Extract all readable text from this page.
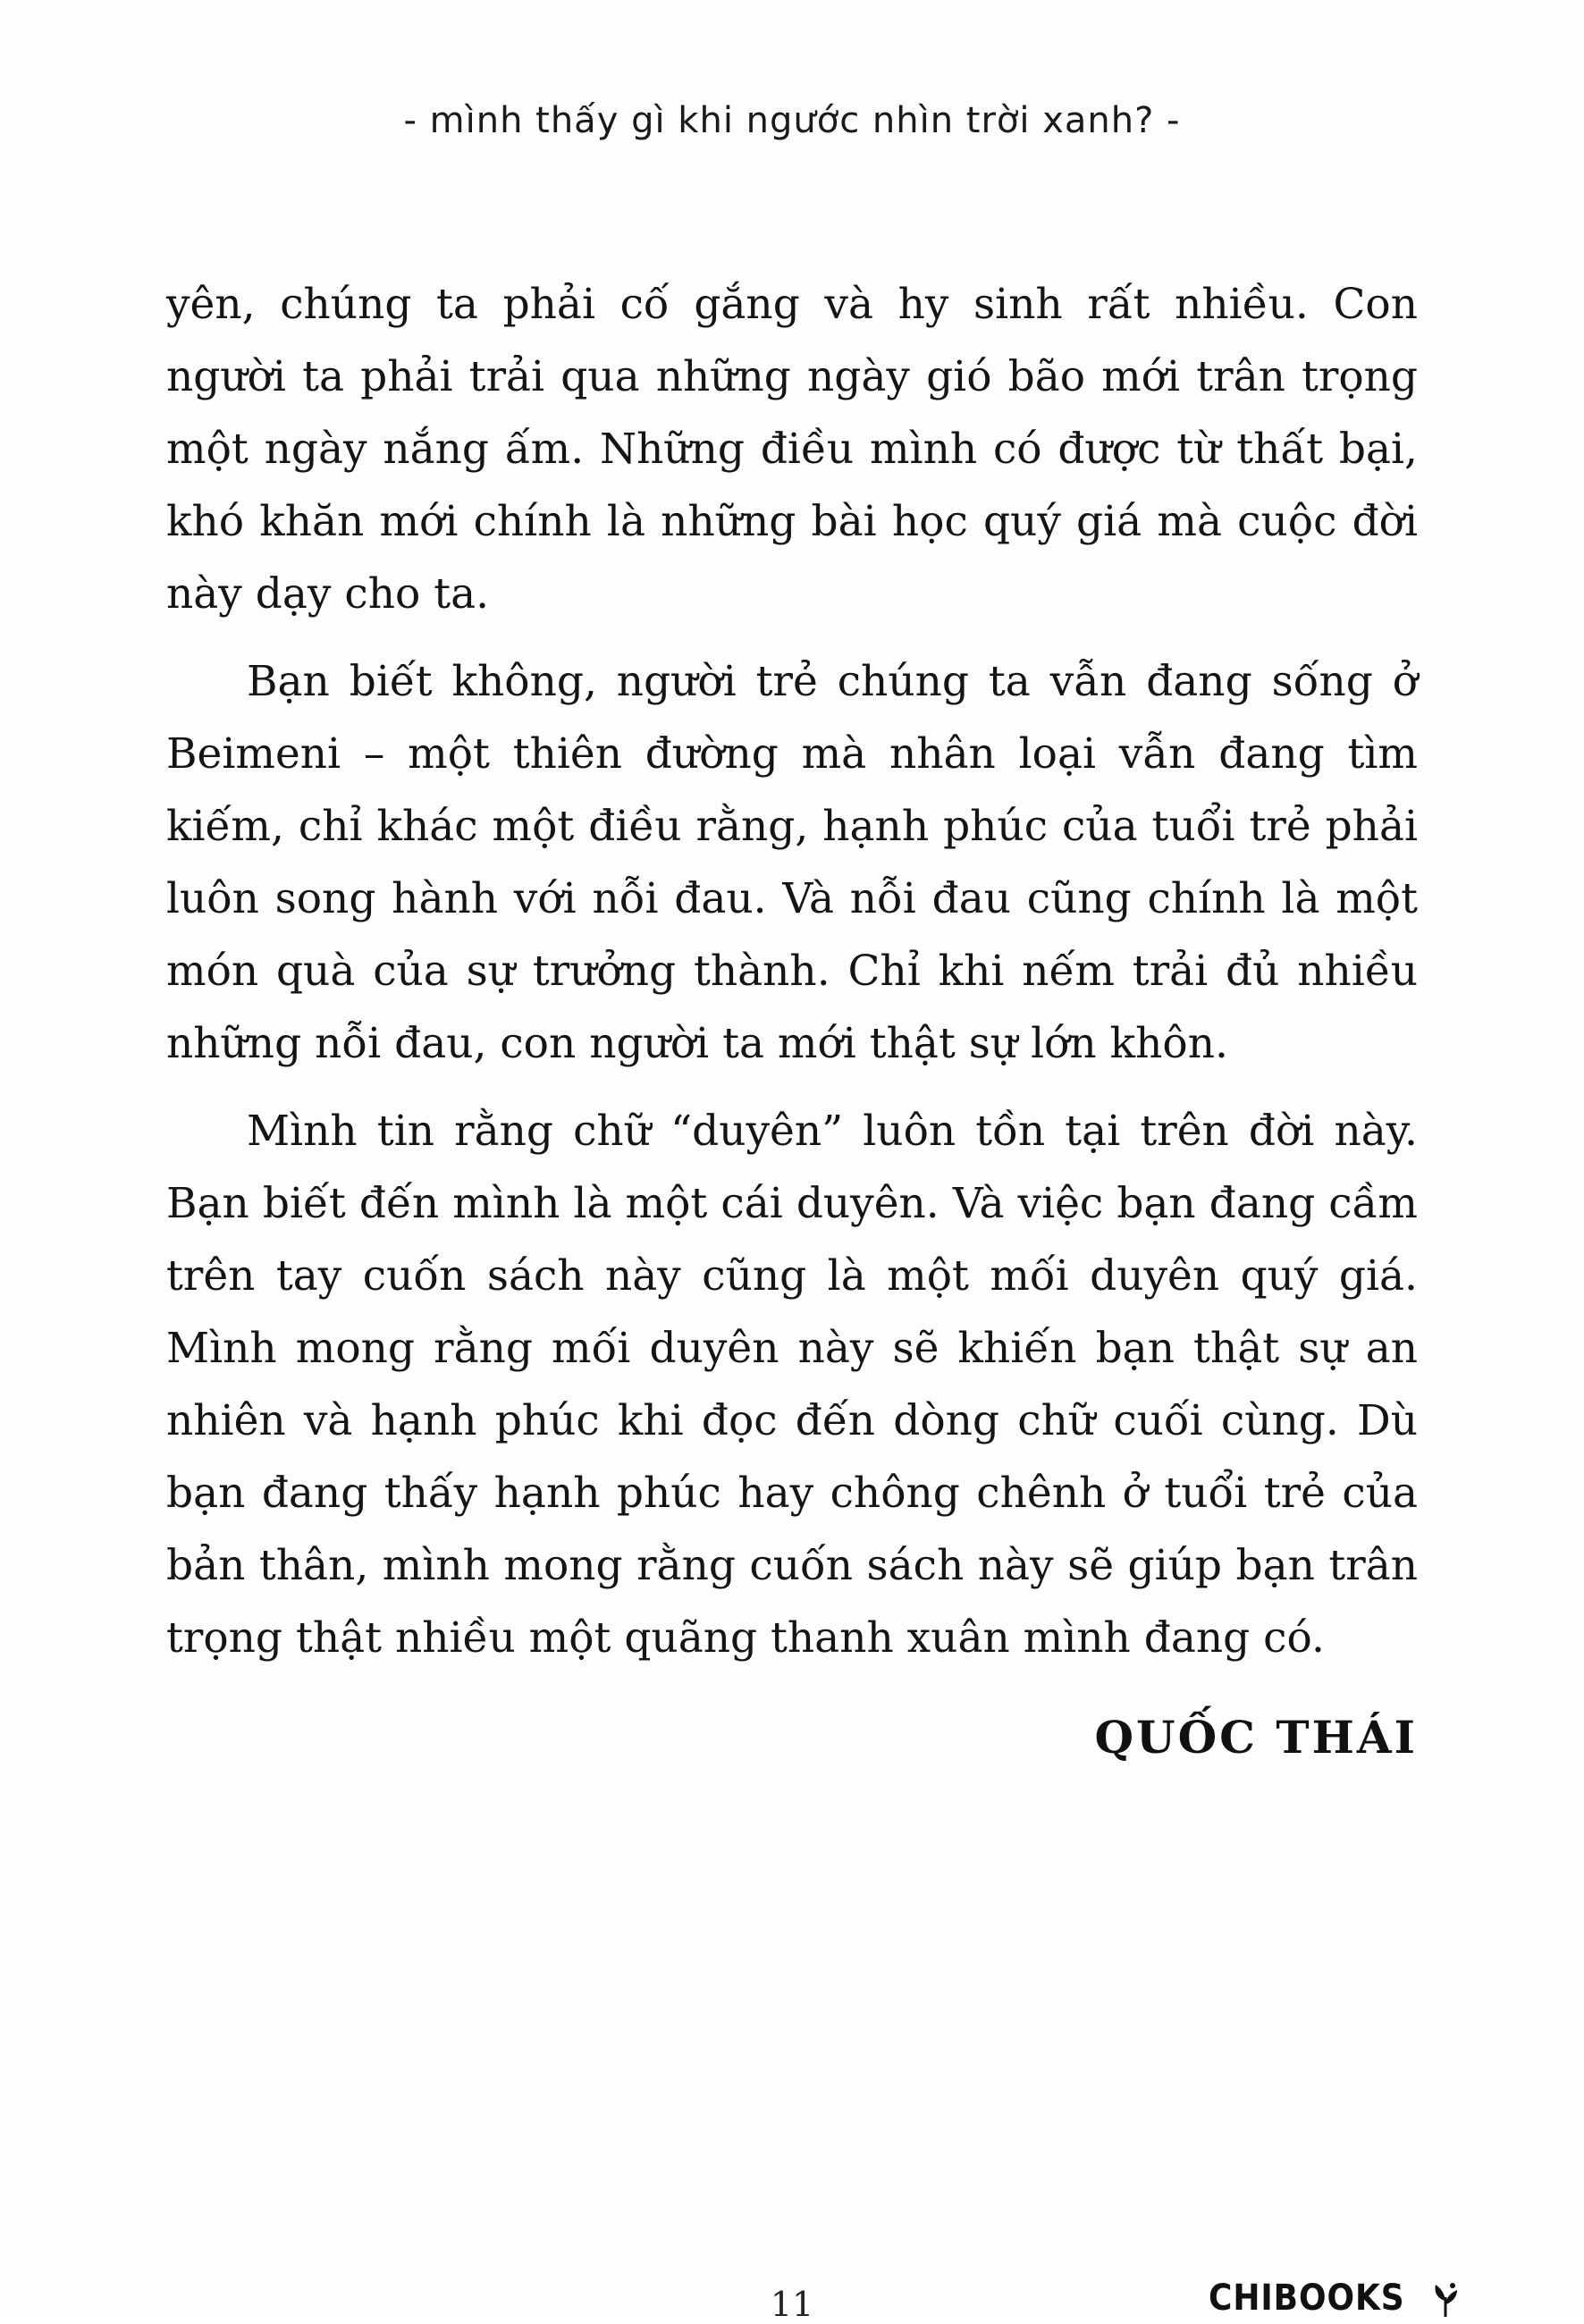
- mình thấy gì khi ngước nhìn trời xanh? -

yên, chúng ta phải cố gắng và hy sinh rất nhiều. Con người ta phải trải qua những ngày gió bão mới trân trọng một ngày nắng ấm. Những điều mình có được từ thất bại, khó khăn mới chính là những bài học quý giá mà cuộc đời này dạy cho ta.

Bạn biết không, người trẻ chúng ta vẫn đang sống ở Beimeni – một thiên đường mà nhân loại vẫn đang tìm kiếm, chỉ khác một điều rằng, hạnh phúc của tuổi trẻ phải luôn song hành với nỗi đau. Và nỗi đau cũng chính là một món quà của sự trưởng thành. Chỉ khi nếm trải đủ nhiều những nỗi đau, con người ta mới thật sự lớn khôn.

Mình tin rằng chữ “duyên” luôn tồn tại trên đời này. Bạn biết đến mình là một cái duyên. Và việc bạn đang cầm trên tay cuốn sách này cũng là một mối duyên quý giá. Mình mong rằng mối duyên này sẽ khiến bạn thật sự an nhiên và hạnh phúc khi đọc đến dòng chữ cuối cùng. Dù bạn đang thấy hạnh phúc hay chông chênh ở tuổi trẻ của bản thân, mình mong rằng cuốn sách này sẽ giúp bạn trân trọng thật nhiều một quãng thanh xuân mình đang có.

QUỐC THÁI
11	CHIBOOKS
